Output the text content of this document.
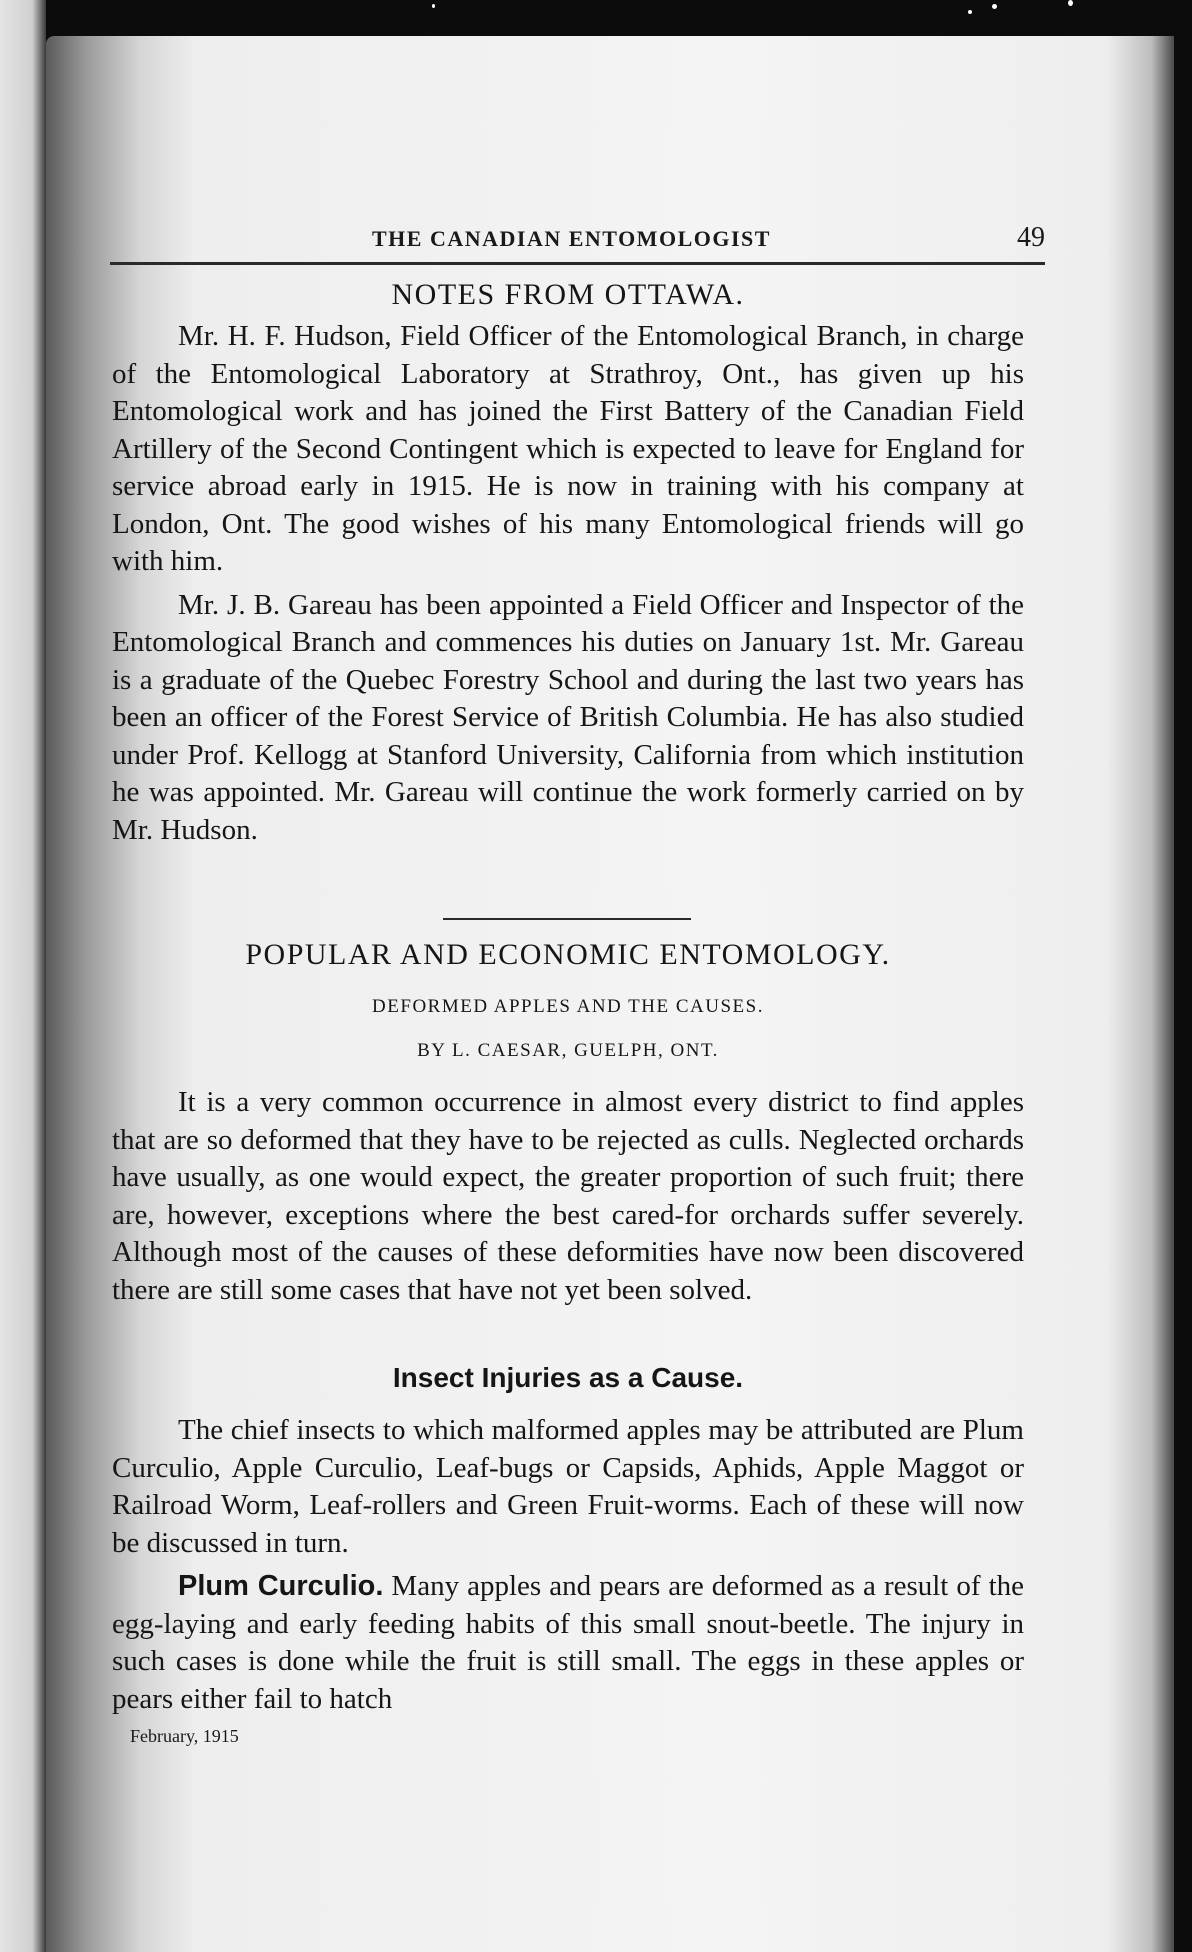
THE CANADIAN ENTOMOLOGIST	49
NOTES FROM OTTAWA.

Mr. H. F. Hudson, Field Officer of the Entomological Branch, in charge of the Entomological Laboratory at Strathroy, Ont., has given up his Entomological work and has joined the First Battery of the Canadian Field Artillery of the Second Contingent which is expected to leave for England for service abroad early in 1915. He is now in training with his company at London, Ont. The good wishes of his many Entomological friends will go with him.

Mr. J. B. Gareau has been appointed a Field Officer and Inspector of the Entomological Branch and commences his duties on January 1st. Mr. Gareau is a graduate of the Quebec Forestry School and during the last two years has been an officer of the Forest Service of British Columbia. He has also studied under Prof. Kellogg at Stanford University, California from which institution he was appointed. Mr. Gareau will continue the work formerly carried on by Mr. Hudson.

POPULAR AND ECONOMIC ENTOMOLOGY.
DEFORMED APPLES AND THE CAUSES.
BY L. CAESAR, GUELPH, ONT.

It is a very common occurrence in almost every district to find apples that are so deformed that they have to be rejected as culls. Neglected orchards have usually, as one would expect, the greater proportion of such fruit; there are, however, exceptions where the best cared-for orchards suffer severely. Although most of the causes of these deformities have now been discovered there are still some cases that have not yet been solved.

Insect Injuries as a Cause.

The chief insects to which malformed apples may be attributed are Plum Curculio, Apple Curculio, Leaf-bugs or Capsids, Aphids, Apple Maggot or Railroad Worm, Leaf-rollers and Green Fruit-worms. Each of these will now be discussed in turn.

Plum Curculio. Many apples and pears are deformed as a result of the egg-laying and early feeding habits of this small snout-beetle. The injury in such cases is done while the fruit is still small. The eggs in these apples or pears either fail to hatch

February, 1915
